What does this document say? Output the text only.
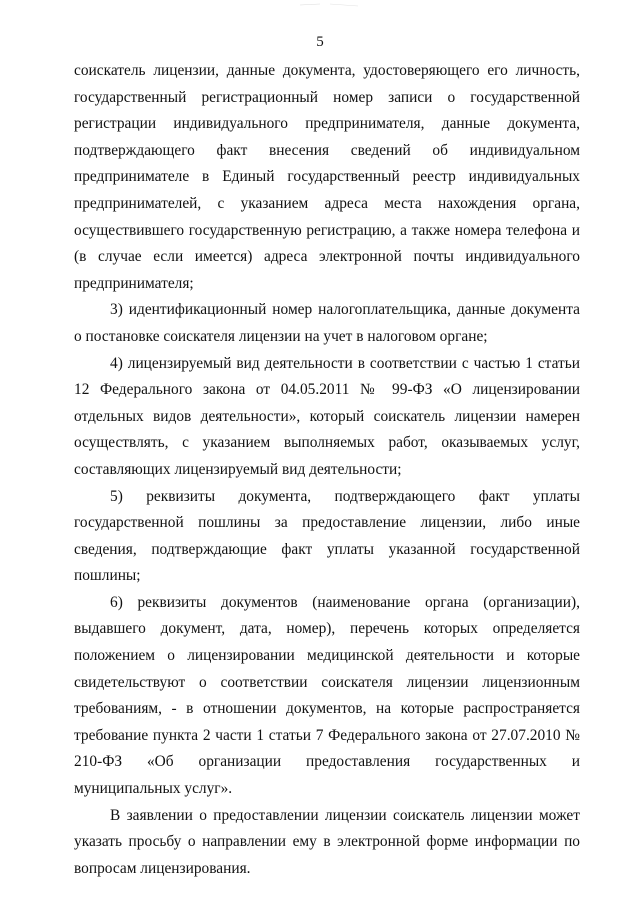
5

соискатель лицензии, данные документа, удостоверяющего его личность, государственный регистрационный номер записи о государственной регистрации индивидуального предпринимателя, данные документа, подтверждающего факт внесения сведений об индивидуальном предпринимателе в Единый государственный реестр индивидуальных предпринимателей, с указанием адреса места нахождения органа, осуществившего государственную регистрацию, а также номера телефона и (в случае если имеется) адреса электронной почты индивидуального предпринимателя;

3) идентификационный номер налогоплательщика, данные документа о постановке соискателя лицензии на учет в налоговом органе;

4) лицензируемый вид деятельности в соответствии с частью 1 статьи 12 Федерального закона от 04.05.2011 № 99-ФЗ «О лицензировании отдельных видов деятельности», который соискатель лицензии намерен осуществлять, с указанием выполняемых работ, оказываемых услуг, составляющих лицензируемый вид деятельности;

5) реквизиты документа, подтверждающего факт уплаты государственной пошлины за предоставление лицензии, либо иные сведения, подтверждающие факт уплаты указанной государственной пошлины;

6) реквизиты документов (наименование органа (организации), выдавшего документ, дата, номер), перечень которых определяется положением о лицензировании медицинской деятельности и которые свидетельствуют о соответствии соискателя лицензии лицензионным требованиям, - в отношении документов, на которые распространяется требование пункта 2 части 1 статьи 7 Федерального закона от 27.07.2010 № 210-ФЗ «Об организации предоставления государственных и муниципальных услуг».

В заявлении о предоставлении лицензии соискатель лицензии может указать просьбу о направлении ему в электронной форме информации по вопросам лицензирования.
